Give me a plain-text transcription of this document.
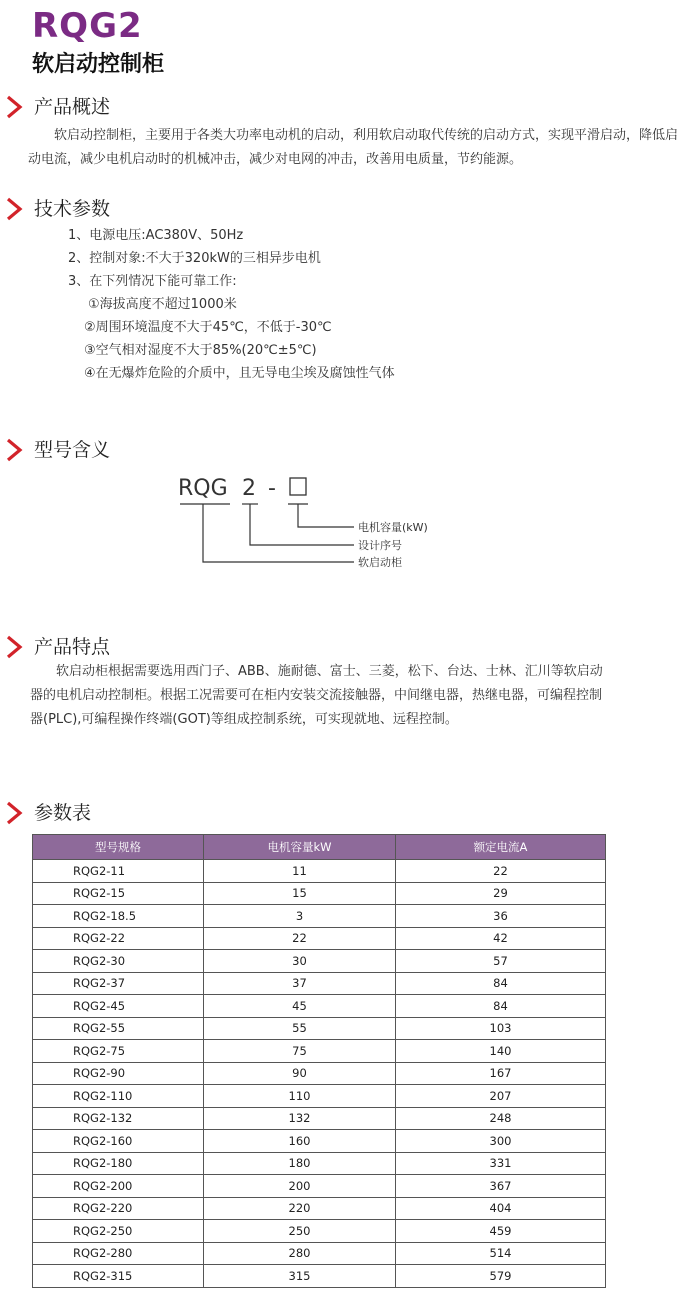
RQG2
软启动控制柜
产品概述
软启动控制柜，主要用于各类大功率电动机的启动，利用软启动取代传统的启动方式，实现平滑启动，降低启动电流，减少电机启动时的机械冲击，减少对电网的冲击，改善用电质量，节约能源。
技术参数
1、电源电压:AC380V、50Hz
2、控制对象:不大于320kW的三相异步电机
3、在下列情况下能可靠工作:
①海拔高度不超过1000米
②周围环境温度不大于45℃，不低于-30℃
③空气相对湿度不大于85%(20℃±5℃)
④在无爆炸危险的介质中，且无导电尘埃及腐蚀性气体
型号含义
RQG 2 -
电机容量(kW)
设计序号
软启动柜
产品特点
软启动柜根据需要选用西门子、ABB、施耐德、富士、三菱，松下、台达、士林、汇川等软启动器的电机启动控制柜。根据工况需要可在柜内安装交流接触器，中间继电器，热继电器，可编程控制器(PLC),可编程操作终端(GOT)等组成控制系统，可实现就地、远程控制。
参数表
型号规格	电机容量kW	额定电流A
RQG2-11	11	22
RQG2-15	15	29
RQG2-18.5	3	36
RQG2-22	22	42
RQG2-30	30	57
RQG2-37	37	84
RQG2-45	45	84
RQG2-55	55	103
RQG2-75	75	140
RQG2-90	90	167
RQG2-110	110	207
RQG2-132	132	248
RQG2-160	160	300
RQG2-180	180	331
RQG2-200	200	367
RQG2-220	220	404
RQG2-250	250	459
RQG2-280	280	514
RQG2-315	315	579
